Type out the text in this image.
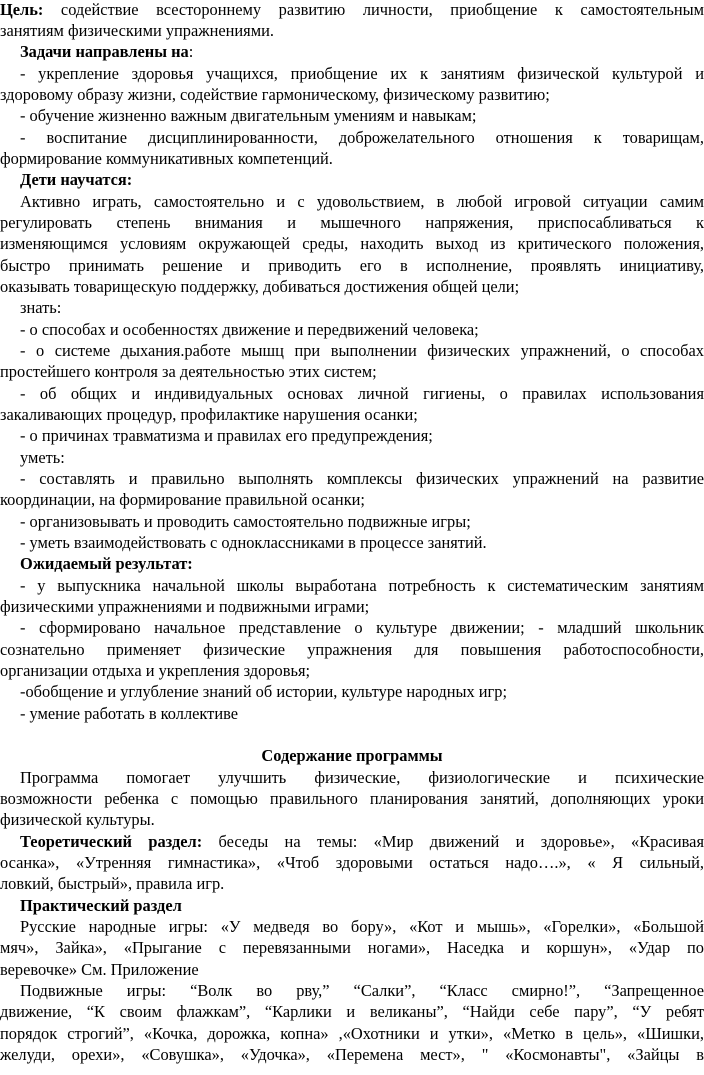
Цель: содействие всестороннему развитию личности, приобщение к самостоятельным
занятиям физическими упражнениями.
Задачи направлены на:
- укрепление здоровья учащихся, приобщение их к занятиям физической культурой и
здоровому образу жизни, содействие гармоническому, физическому развитию;
- обучение жизненно важным двигательным умениям и навыкам;
- воспитание дисциплинированности, доброжелательного отношения к товарищам,
формирование коммуникативных компетенций.
Дети научатся:
Активно играть, самостоятельно и с удовольствием, в любой игровой ситуации самим
регулировать степень внимания и мышечного напряжения, приспосабливаться к
изменяющимся условиям окружающей среды, находить выход из критического положения,
быстро принимать решение и приводить его в исполнение, проявлять инициативу,
оказывать товарищескую поддержку, добиваться достижения общей цели;
знать:
- о способах и особенностях движение и передвижений человека;
- о системе дыхания.работе мышц при выполнении физических упражнений, о способах
простейшего контроля за деятельностью этих систем;
- об общих и индивидуальных основах личной гигиены, о правилах использования
закаливающих процедур, профилактике нарушения осанки;
- о причинах травматизма и правилах его предупреждения;
уметь:
- составлять и правильно выполнять комплексы физических упражнений на развитие
координации, на формирование правильной осанки;
- организовывать и проводить самостоятельно подвижные игры;
- уметь взаимодействовать с одноклассниками в процессе занятий.
Ожидаемый результат:
- у выпускника начальной школы выработана потребность к систематическим занятиям
физическими упражнениями и подвижными играми;
- сформировано начальное представление о культуре движении; - младший школьник
сознательно применяет физические упражнения для повышения работоспособности,
организации отдыха и укрепления здоровья;
-обобщение и углубление знаний об истории, культуре народных игр;
- умение работать в коллективе
Содержание программы
Программа помогает улучшить физические, физиологические и психические
возможности ребенка с помощью правильного планирования занятий, дополняющих уроки
физической культуры.
Теоретический раздел: беседы на темы: «Мир движений и здоровье», «Красивая
осанка», «Утренняя гимнастика», «Чтоб здоровыми остаться надо….», « Я сильный,
ловкий, быстрый», правила игр.
Практический раздел
Русские народные игры: «У медведя во бору», «Кот и мышь», «Горелки», «Большой
мяч», Зайка», «Прыгание с перевязанными ногами», Наседка и коршун», «Удар по
веревочке» См. Приложение
Подвижные игры: “Волк во рву,” “Салки”, “Класс смирно!”, “Запрещенное
движение, “К своим флажкам”, “Карлики и великаны”, “Найди себе пару”, “У ребят
порядок строгий”, «Кочка, дорожка, копна» ,«Охотники и утки», «Метко в цель», «Шишки,
желуди, орехи», «Совушка», «Удочка», «Перемена мест», " «Космонавты", «Зайцы в
